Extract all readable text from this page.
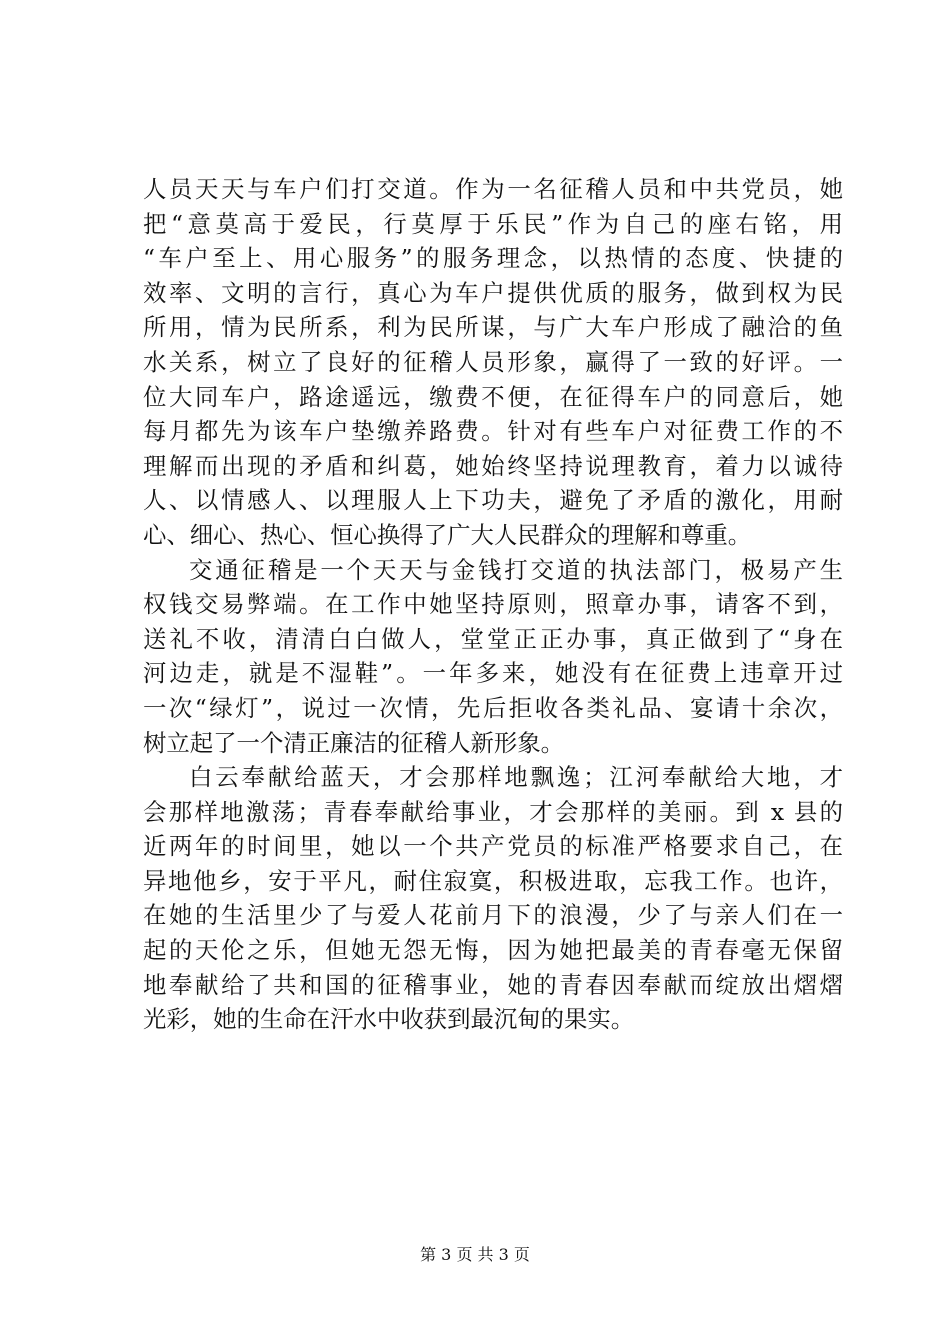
人员天天与车户们打交道。作为一名征稽人员和中共党员，她
把“意莫高于爱民，行莫厚于乐民”作为自己的座右铭，用
“车户至上、用心服务”的服务理念，以热情的态度、快捷的
效率、文明的言行，真心为车户提供优质的服务，做到权为民
所用，情为民所系，利为民所谋，与广大车户形成了融洽的鱼
水关系，树立了良好的征稽人员形象，赢得了一致的好评。一
位大同车户，路途遥远，缴费不便，在征得车户的同意后，她
每月都先为该车户垫缴养路费。针对有些车户对征费工作的不
理解而出现的矛盾和纠葛，她始终坚持说理教育，着力以诚待
人、以情感人、以理服人上下功夫，避免了矛盾的激化，用耐
心、细心、热心、恒心换得了广大人民群众的理解和尊重。
交通征稽是一个天天与金钱打交道的执法部门，极易产生
权钱交易弊端。在工作中她坚持原则，照章办事，请客不到，
送礼不收，清清白白做人，堂堂正正办事，真正做到了“身在
河边走，就是不湿鞋”。一年多来，她没有在征费上违章开过
一次“绿灯”，说过一次情，先后拒收各类礼品、宴请十余次，
树立起了一个清正廉洁的征稽人新形象。
白云奉献给蓝天，才会那样地飘逸；江河奉献给大地，才
会那样地激荡；青春奉献给事业，才会那样的美丽。到 x 县的
近两年的时间里，她以一个共产党员的标准严格要求自己，在
异地他乡，安于平凡，耐住寂寞，积极进取，忘我工作。也许，
在她的生活里少了与爱人花前月下的浪漫，少了与亲人们在一
起的天伦之乐，但她无怨无悔，因为她把最美的青春毫无保留
地奉献给了共和国的征稽事业，她的青春因奉献而绽放出熠熠
光彩，她的生命在汗水中收获到最沉甸的果实。
第 3 页 共 3 页
